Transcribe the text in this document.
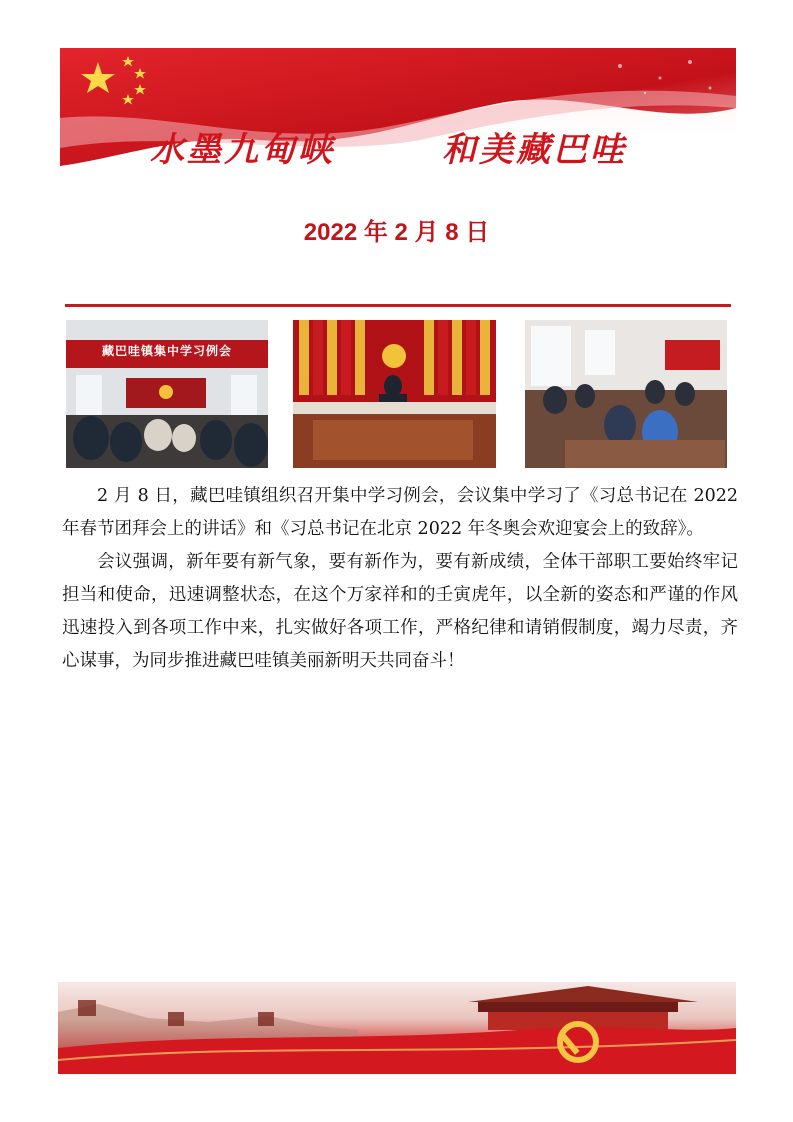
水墨九甸峡	和美藏巴哇
2022 年 2 月 8 日
藏巴哇镇集中学习例会

2 月 8 日，藏巴哇镇组织召开集中学习例会，会议集中学习了《习总书记在 2022 年春节团拜会上的讲话》和《习总书记在北京 2022 年冬奥会欢迎宴会上的致辞》。

会议强调，新年要有新气象，要有新作为，要有新成绩，全体干部职工要始终牢记担当和使命，迅速调整状态，在这个万家祥和的壬寅虎年，以全新的姿态和严谨的作风迅速投入到各项工作中来，扎实做好各项工作，严格纪律和请销假制度，竭力尽责，齐心谋事，为同步推进藏巴哇镇美丽新明天共同奋斗！
